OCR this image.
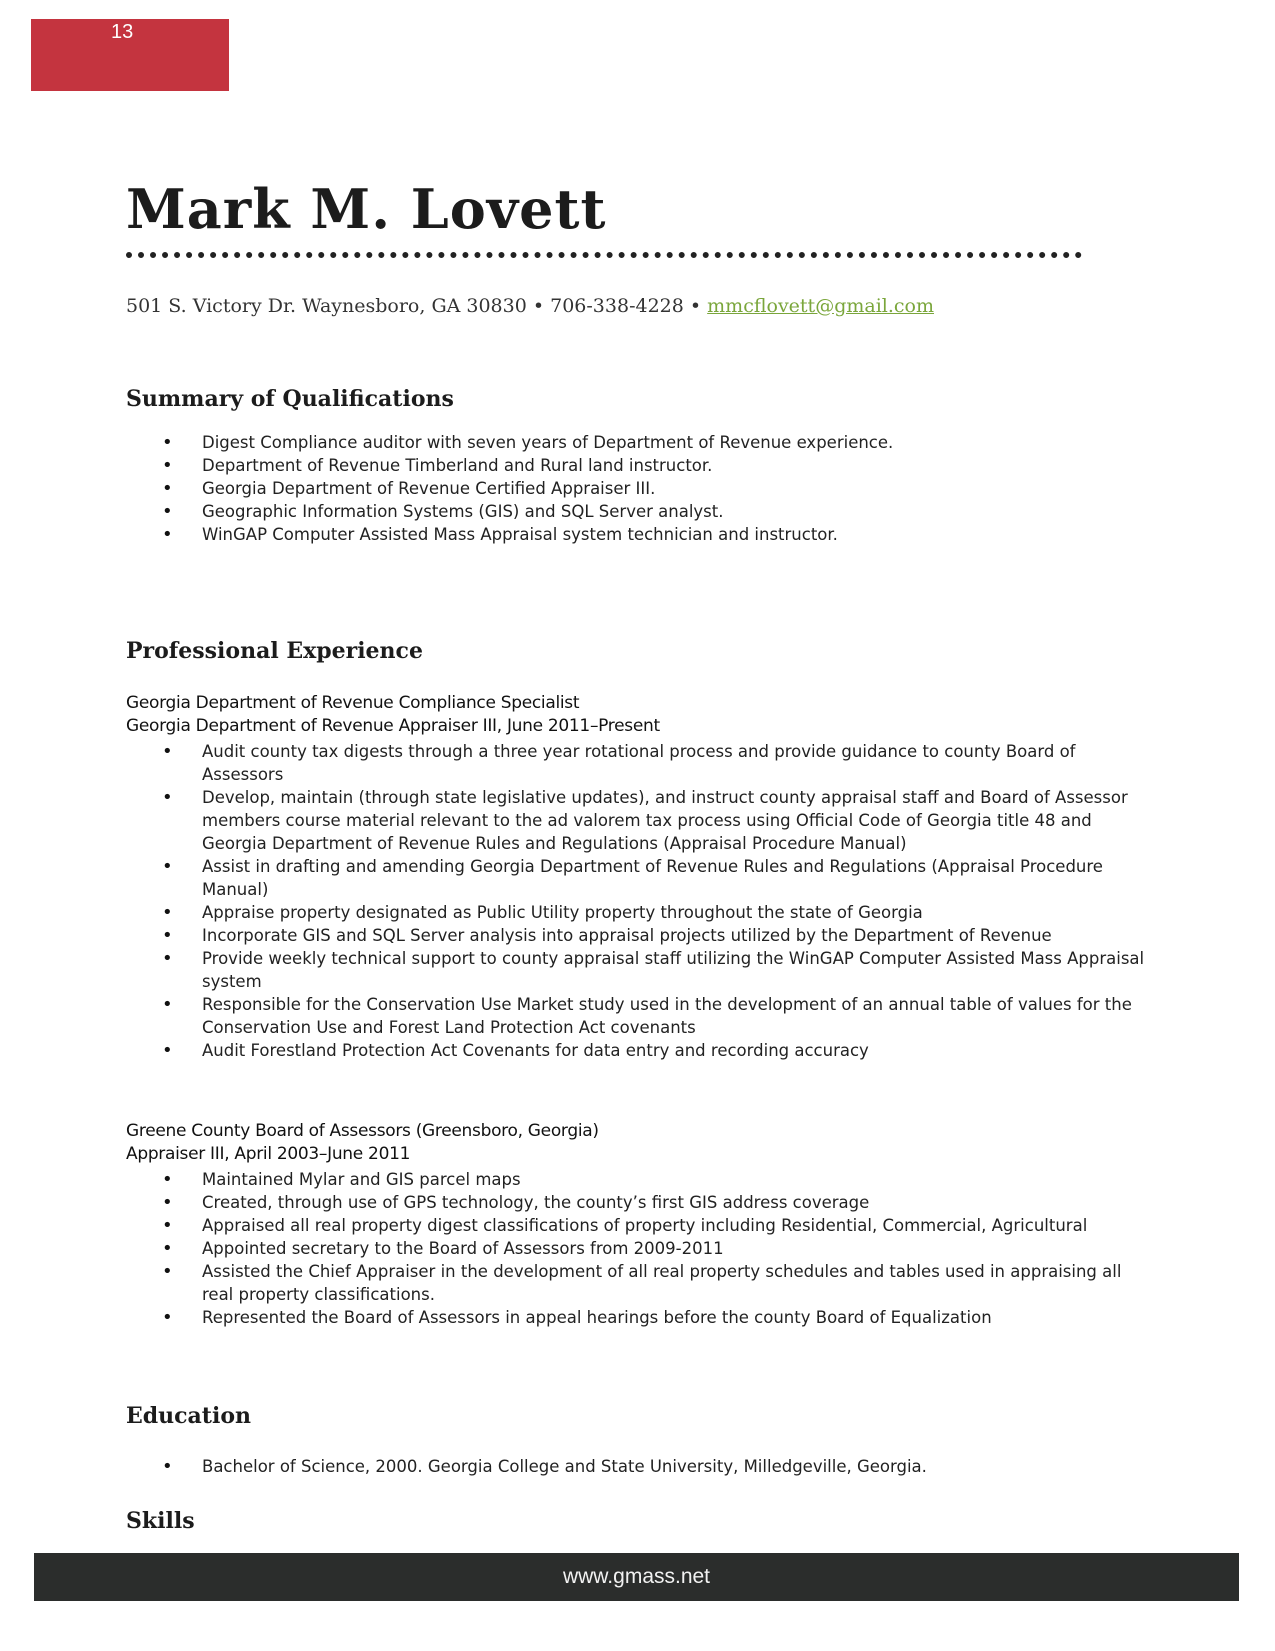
13
Mark M. Lovett
501 S. Victory Dr. Waynesboro, GA 30830 • 706-338-4228 • mmcflovett@gmail.com
Summary of Qualifications
• Digest Compliance auditor with seven years of Department of Revenue experience.
• Department of Revenue Timberland and Rural land instructor.
• Georgia Department of Revenue Certified Appraiser III.
• Geographic Information Systems (GIS) and SQL Server analyst.
• WinGAP Computer Assisted Mass Appraisal system technician and instructor.
Professional Experience
Georgia Department of Revenue Compliance Specialist
Georgia Department of Revenue Appraiser III, June 2011–Present
• Audit county tax digests through a three year rotational process and provide guidance to county Board of Assessors
• Develop, maintain (through state legislative updates), and instruct county appraisal staff and Board of Assessor members course material relevant to the ad valorem tax process using Official Code of Georgia title 48 and Georgia Department of Revenue Rules and Regulations (Appraisal Procedure Manual)
• Assist in drafting and amending Georgia Department of Revenue Rules and Regulations (Appraisal Procedure Manual)
• Appraise property designated as Public Utility property throughout the state of Georgia
• Incorporate GIS and SQL Server analysis into appraisal projects utilized by the Department of Revenue
• Provide weekly technical support to county appraisal staff utilizing the WinGAP Computer Assisted Mass Appraisal system
• Responsible for the Conservation Use Market study used in the development of an annual table of values for the Conservation Use and Forest Land Protection Act covenants
• Audit Forestland Protection Act Covenants for data entry and recording accuracy
Greene County Board of Assessors (Greensboro, Georgia)
Appraiser III, April 2003–June 2011
• Maintained Mylar and GIS parcel maps
• Created, through use of GPS technology, the county’s first GIS address coverage
• Appraised all real property digest classifications of property including Residential, Commercial, Agricultural
• Appointed secretary to the Board of Assessors from 2009-2011
• Assisted the Chief Appraiser in the development of all real property schedules and tables used in appraising all real property classifications.
• Represented the Board of Assessors in appeal hearings before the county Board of Equalization
Education
• Bachelor of Science, 2000. Georgia College and State University, Milledgeville, Georgia.
Skills
www.gmass.net
